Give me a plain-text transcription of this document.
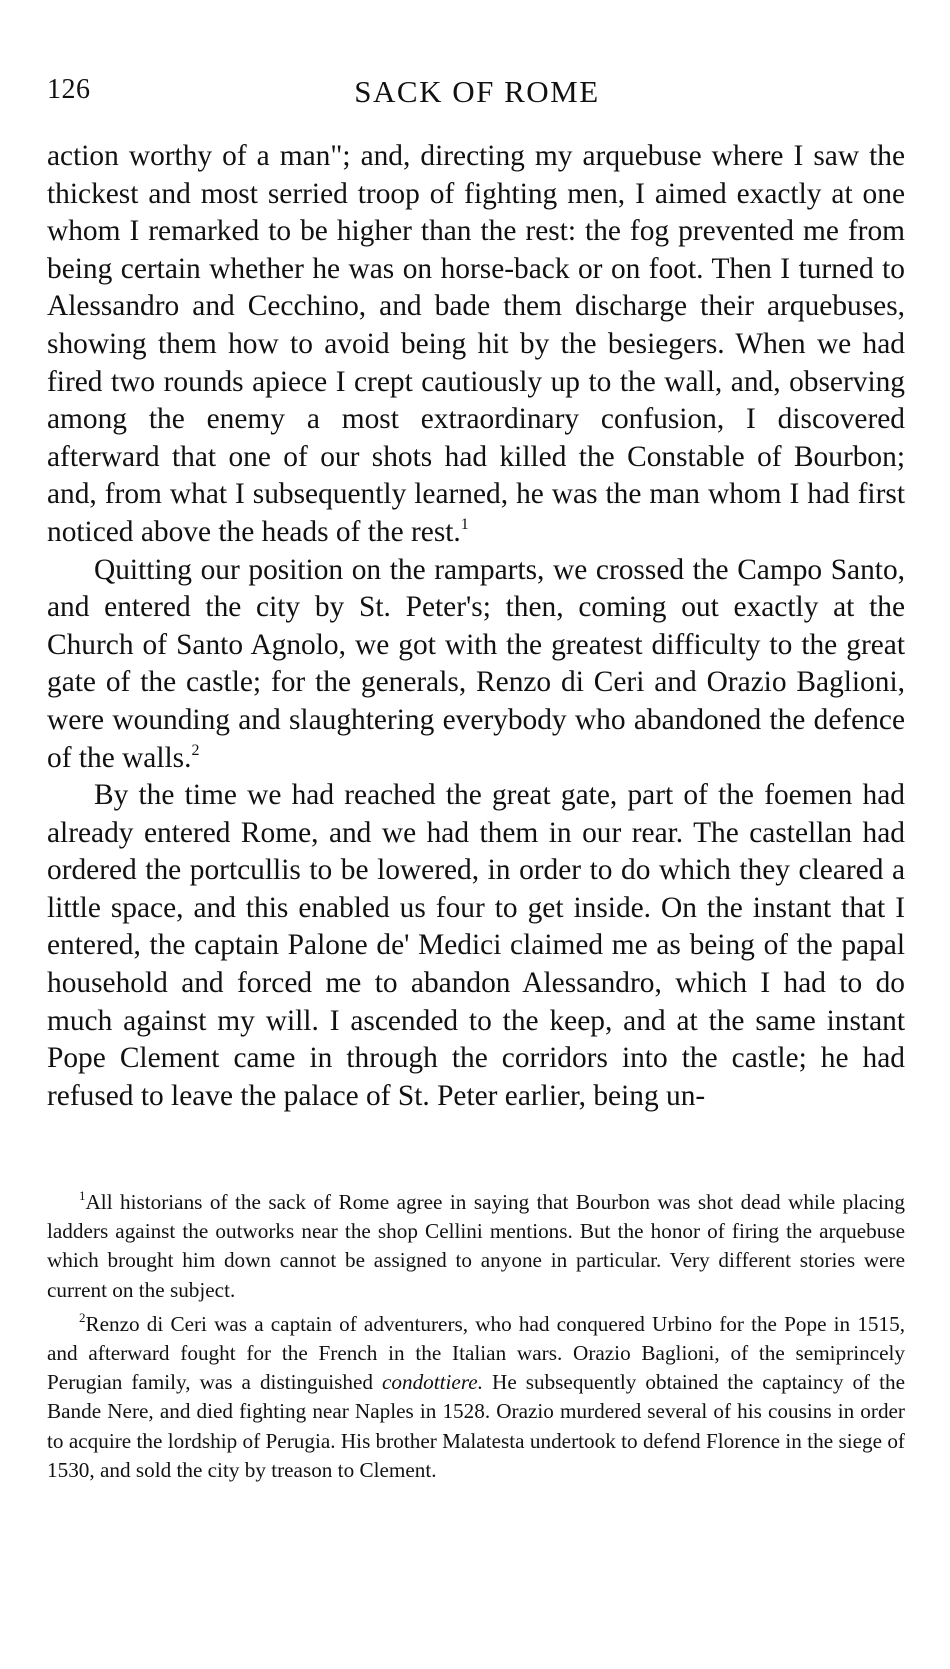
126	SACK OF ROME

action worthy of a man"; and, directing my arquebuse where I saw the thickest and most serried troop of fighting men, I aimed exactly at one whom I remarked to be higher than the rest: the fog prevented me from being certain whether he was on horse-back or on foot. Then I turned to Alessandro and Cecchino, and bade them discharge their arquebuses, showing them how to avoid being hit by the besiegers. When we had fired two rounds apiece I crept cautiously up to the wall, and, observing among the enemy a most extraordinary confusion, I discovered afterward that one of our shots had killed the Constable of Bourbon; and, from what I subsequently learned, he was the man whom I had first noticed above the heads of the rest.$^1$

Quitting our position on the ramparts, we crossed the Campo Santo, and entered the city by St. Peter's; then, coming out exactly at the Church of Santo Agnolo, we got with the greatest difficulty to the great gate of the castle; for the generals, Renzo di Ceri and Orazio Baglioni, were wounding and slaughtering everybody who abandoned the defence of the walls.$^2$

By the time we had reached the great gate, part of the foemen had already entered Rome, and we had them in our rear. The castellan had ordered the portcullis to be lowered, in order to do which they cleared a little space, and this enabled us four to get inside. On the instant that I entered, the captain Palone de' Medici claimed me as being of the papal household and forced me to abandon Alessandro, which I had to do much against my will. I ascended to the keep, and at the same instant Pope Clement came in through the corridors into the castle; he had refused to leave the palace of St. Peter earlier, being un-

$^1$All historians of the sack of Rome agree in saying that Bourbon was shot dead while placing ladders against the outworks near the shop Cellini mentions. But the honor of firing the arquebuse which brought him down cannot be assigned to anyone in particular. Very different stories were current on the subject.

$^2$Renzo di Ceri was a captain of adventurers, who had conquered Urbino for the Pope in 1515, and afterward fought for the French in the Italian wars. Orazio Baglioni, of the semiprincely Perugian family, was a distinguished condottiere. He subsequently obtained the captaincy of the Bande Nere, and died fighting near Naples in 1528. Orazio murdered several of his cousins in order to acquire the lordship of Perugia. His brother Malatesta undertook to defend Florence in the siege of 1530, and sold the city by treason to Clement.
